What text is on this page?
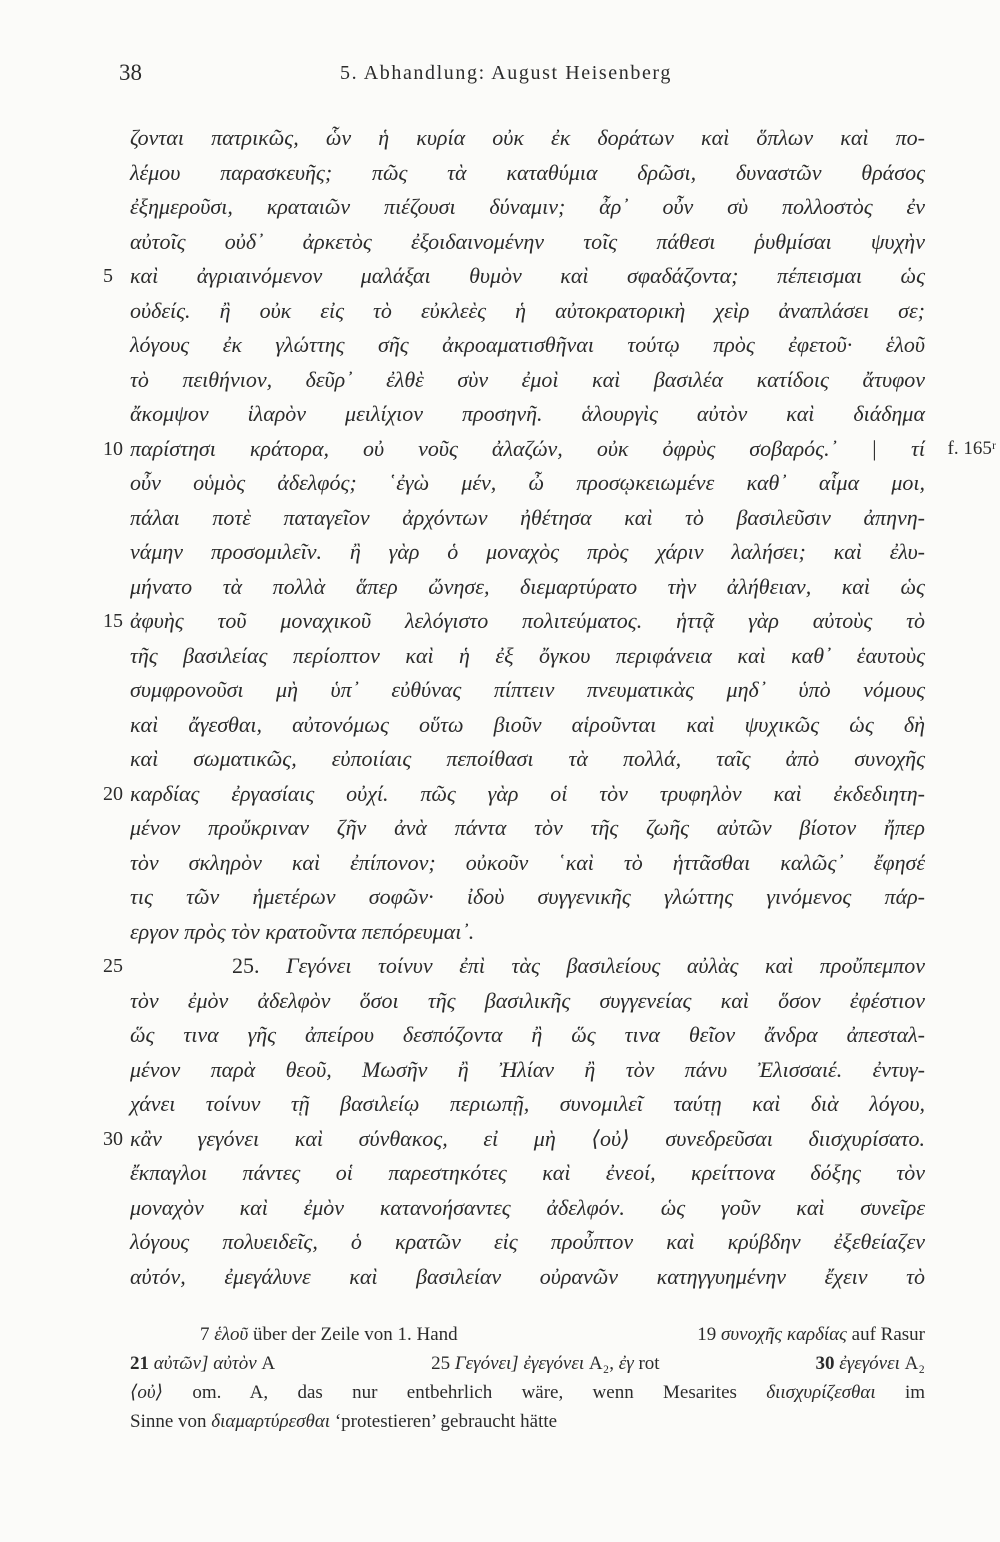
38	5. Abhandlung: August Heisenberg
ζονται πατρικῶς, ὧν ἡ κυρία οὐκ ἐκ δοράτων καὶ ὅπλων καὶ πο-
λέμου παρασκευῆς; πῶς τὰ καταθύμια δρῶσι, δυναστῶν θράσος
ἐξημεροῦσι, κραταιῶν πιέζουσι δύναμιν; ἆρ᾽ οὖν σὺ πολλοστὸς ἐν
αὐτοῖς οὐδ᾽ ἀρκετὸς ἐξοιδαινομένην τοῖς πάθεσι ῥυθμίσαι ψυχὴν
5 καὶ ἀγριαινόμενον μαλάξαι θυμὸν καὶ σφαδάζοντα; πέπεισμαι ὡς
οὐδείς. ἢ οὐκ εἰς τὸ εὐκλεὲς ἡ αὐτοκρατορικὴ χεὶρ ἀναπλάσει σε;
λόγους ἐκ γλώττης σῆς ἀκροαματισθῆναι τούτῳ πρὸς ἐφετοῦ· ἑλοῦ
τὸ πειθήνιον, δεῦρ᾽ ἐλθὲ σὺν ἐμοὶ καὶ βασιλέα κατίδοις ἄτυφον
ἄκομψον ἱλαρὸν μειλίχιον προσηνῆ. ἁλουργὶς αὐτὸν καὶ διάδημα
10 παρίστησι κράτορα, οὐ νοῦς ἀλαζών, οὐκ ὀφρὺς σοβαρός.᾽ | τί f. 165ʳ
οὖν οὑμὸς ἀδελφός; ῾ἐγὼ μέν, ὦ προσῳκειωμένε καθ᾽ αἷμα μοι,
πάλαι ποτὲ παταγεῖον ἀρχόντων ἠθέτησα καὶ τὸ βασιλεῦσιν ἀπηνη-
νάμην προσομιλεῖν. ἢ γὰρ ὁ μοναχὸς πρὸς χάριν λαλήσει; καὶ ἐλυ-
μήνατο τὰ πολλὰ ἅπερ ὤνησε, διεμαρτύρατο τὴν ἀλήθειαν, καὶ ὡς
15 ἀφυὴς τοῦ μοναχικοῦ λελόγιστο πολιτεύματος. ἡττᾷ γὰρ αὐτοὺς τὸ
τῆς βασιλείας περίοπτον καὶ ἡ ἐξ ὄγκου περιφάνεια καὶ καθ᾽ ἑαυτοὺς
συμφρονοῦσι μὴ ὑπ᾽ εὐθύνας πίπτειν πνευματικὰς μηδ᾽ ὑπὸ νόμους
καὶ ἄγεσθαι, αὐτονόμως οὕτω βιοῦν αἱροῦνται καὶ ψυχικῶς ὡς δὴ
καὶ σωματικῶς, εὐποιίαις πεποίθασι τὰ πολλά, ταῖς ἀπὸ συνοχῆς
20 καρδίας ἐργασίαις οὐχί. πῶς γὰρ οἱ τὸν τρυφηλὸν καὶ ἐκδεδιητη-
μένον προὔκριναν ζῆν ἀνὰ πάντα τὸν τῆς ζωῆς αὐτῶν βίοτον ἤπερ
τὸν σκληρὸν καὶ ἐπίπονον; οὐκοῦν ῾καὶ τὸ ἡττᾶσθαι καλῶς᾽ ἔφησέ
τις τῶν ἡμετέρων σοφῶν· ἰδοὺ συγγενικῆς γλώττης γινόμενος πάρ-
εργον πρὸς τὸν κρατοῦντα πεπόρευμαι᾽.
25	25. Γεγόνει τοίνυν ἐπὶ τὰς βασιλείους αὐλὰς καὶ προὔπεμπον
τὸν ἐμὸν ἀδελφὸν ὅσοι τῆς βασιλικῆς συγγενείας καὶ ὅσον ἐφέστιον
ὥς τινα γῆς ἀπείρου δεσπόζοντα ἢ ὥς τινα θεῖον ἄνδρα ἀπεσταλ-
μένον παρὰ θεοῦ, Μωσῆν ἢ Ἠλίαν ἢ τὸν πάνυ Ἐλισσαιέ. ἐντυγ-
χάνει τοίνυν τῇ βασιλείῳ περιωπῇ, συνομιλεῖ ταύτῃ καὶ διὰ λόγου,
30 κἂν γεγόνει καὶ σύνθακος, εἰ μὴ ⟨οὐ⟩ συνεδρεῦσαι διισχυρίσατο.
ἔκπαγλοι πάντες οἱ παρεστηκότες καὶ ἐνεοί, κρείττονα δόξης τὸν
μοναχὸν καὶ ἐμὸν κατανοήσαντες ἀδελφόν. ὡς γοῦν καὶ συνεῖρε
λόγους πολυειδεῖς, ὁ κρατῶν εἰς προὖπτον καὶ κρύβδην ἐξεθείαζεν
αὐτόν, ἐμεγάλυνε καὶ βασιλείαν οὐρανῶν κατηγγυημένην ἔχειν τὸ
7 ἑλοῦ über der Zeile von 1. Hand	19 συνοχῆς καρδίας auf Rasur
21 αὐτῶν] αὐτὸν A	25 Γεγόνει] ἐγεγόνει A₂, ἐγ rot	30 ἐγεγόνει A₂
⟨οὐ⟩ om. A, das nur entbehrlich wäre, wenn Mesarites διισχυρίζεσθαι im
Sinne von διαμαρτύρεσθαι ‘protestieren’ gebraucht hätte
